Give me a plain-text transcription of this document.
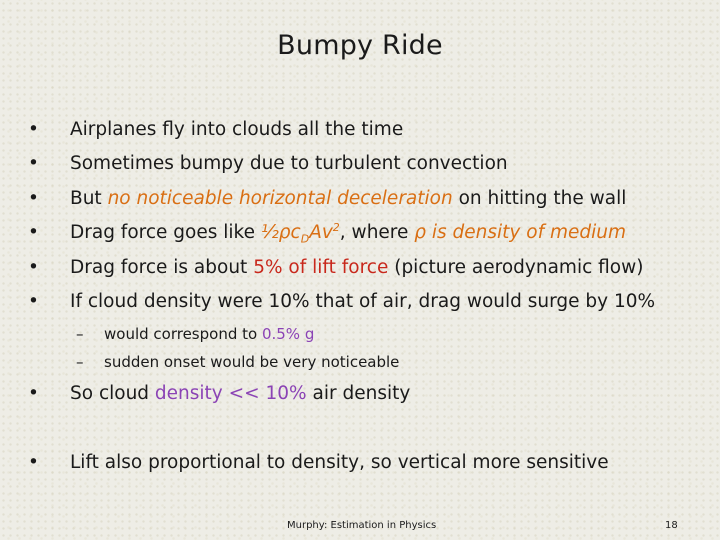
Bumpy Ride
• Airplanes fly into clouds all the time
• Sometimes bumpy due to turbulent convection
• But no noticeable horizontal deceleration on hitting the wall
• Drag force goes like $\frac{1}{2}\rho c_DAv^2$, where ρ is density of medium
• Drag force is about 5% of lift force (picture aerodynamic flow)
• If cloud density were 10% that of air, drag would surge by 10%
– would correspond to 0.5% g
– sudden onset would be very noticeable
• So cloud density << 10% air density
• Lift also proportional to density, so vertical more sensitive
Murphy: Estimation in Physics	18
